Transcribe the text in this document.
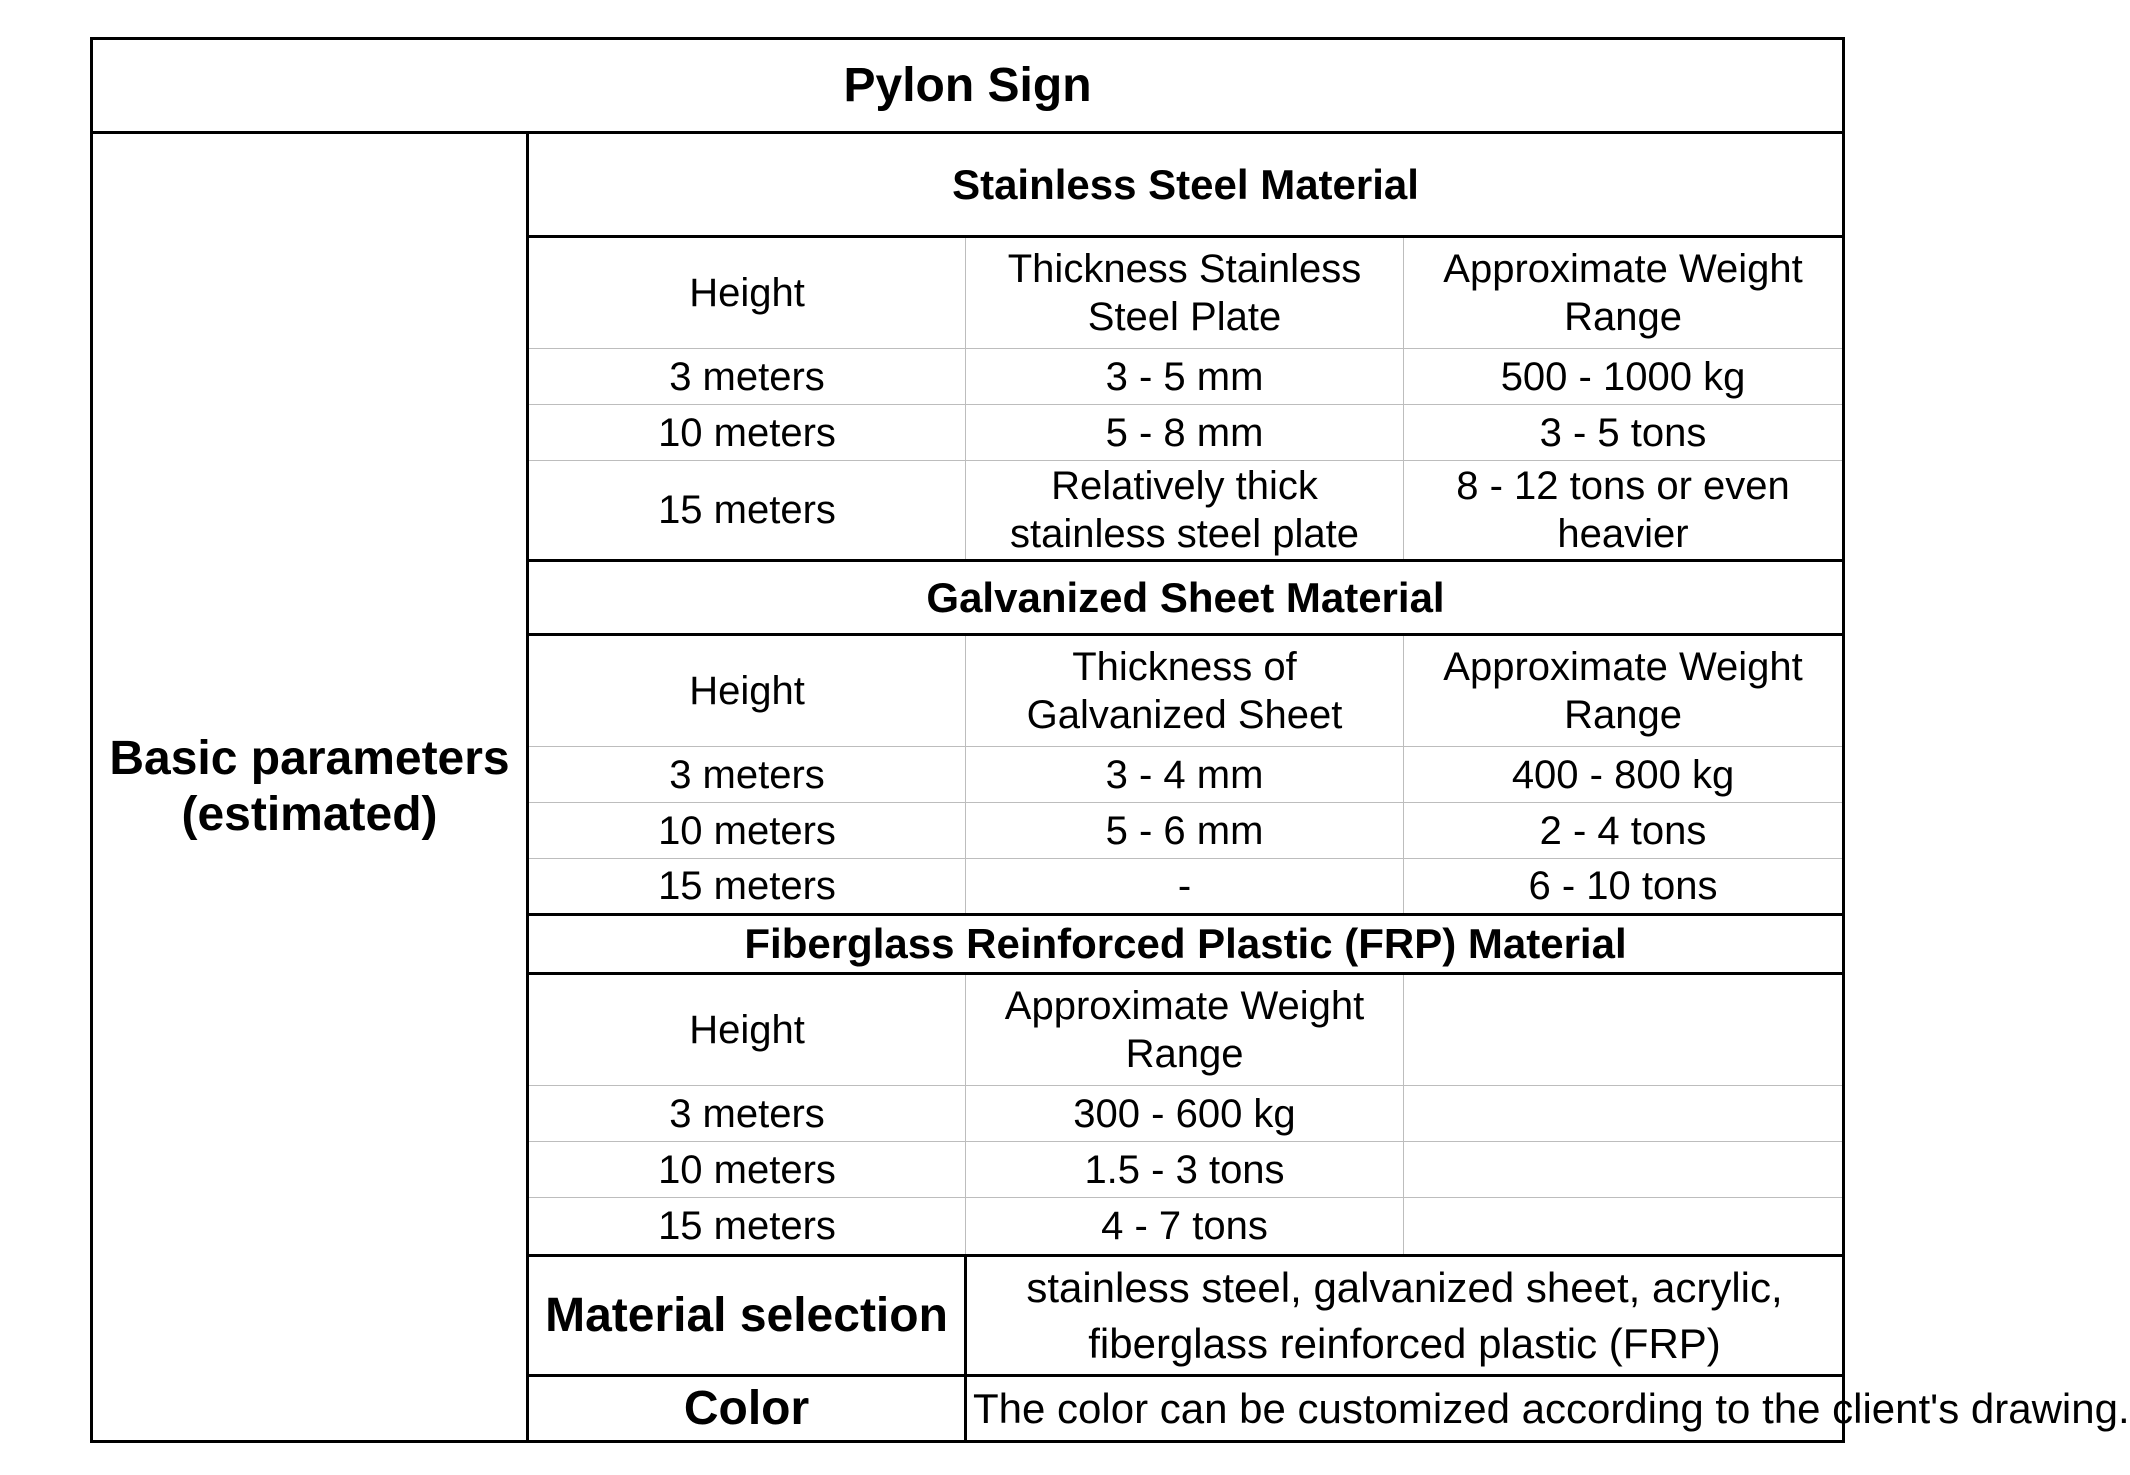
Pylon Sign			
Basic parameters (estimated)	Stainless Steel Material		
	Height	Thickness Stainless Steel Plate	Approximate Weight Range
	3 meters	3 - 5 mm	500 - 1000 kg
	10 meters	5 - 8 mm	3 - 5 tons
	15 meters	Relatively thick stainless steel plate	8 - 12 tons or even heavier
	Galvanized Sheet Material		
	Height	Thickness of Galvanized Sheet	Approximate Weight Range
	3 meters	3 - 4 mm	400 - 800 kg
	10 meters	5 - 6 mm	2 - 4 tons
	15 meters	-	6 - 10 tons
	Fiberglass Reinforced Plastic (FRP) Material		
	Height	Approximate Weight Range	
	3 meters	300 - 600 kg	
	10 meters	1.5 - 3 tons	
	15 meters	4 - 7 tons	
	Material selection	stainless steel, galvanized sheet, acrylic, fiberglass reinforced plastic (FRP)	
	Color	The color can be customized according to the client's drawing.	
